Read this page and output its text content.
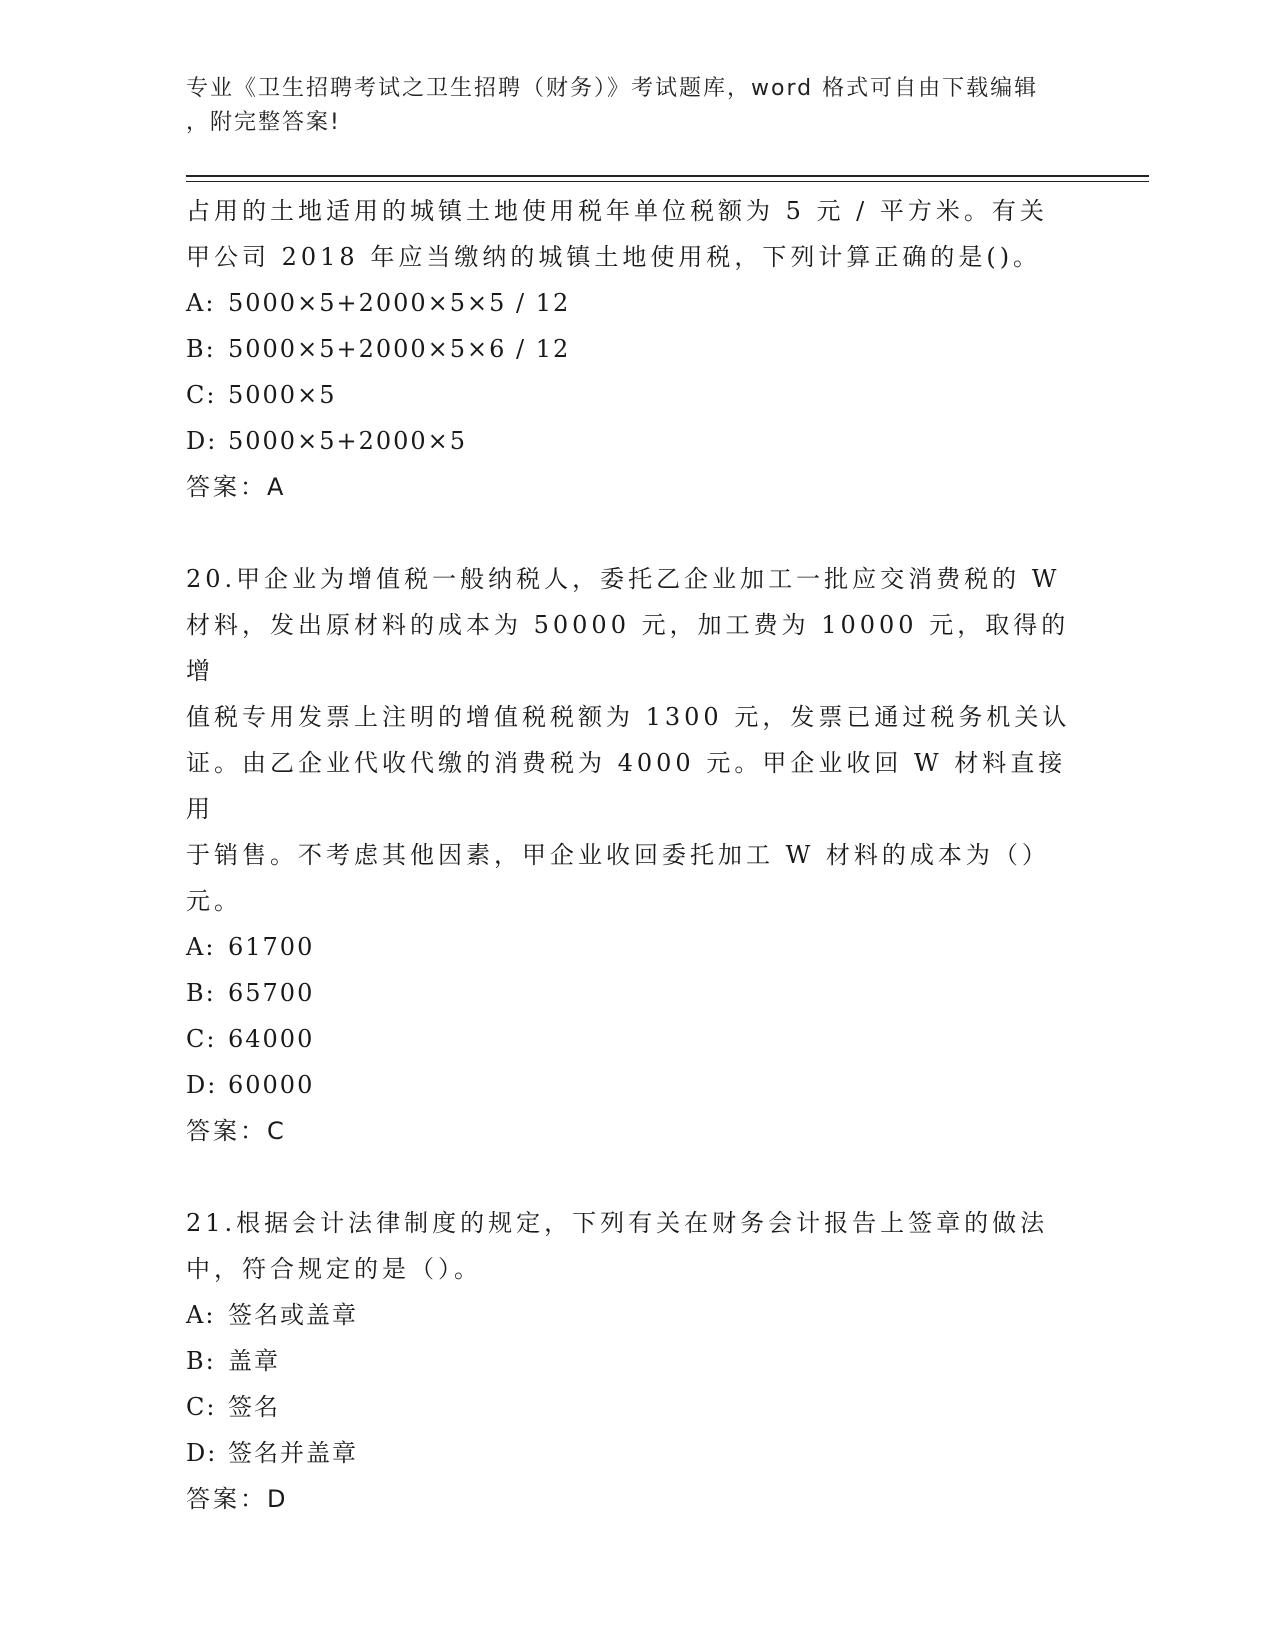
专业《卫生招聘考试之卫生招聘（财务）》考试题库，word 格式可自由下载编辑
，附完整答案!

占用的土地适用的城镇土地使用税年单位税额为 5 元 / 平方米。有关

甲公司 2018 年应当缴纳的城镇土地使用税，下列计算正确的是()。

A: 5000×5+2000×5×5 / 12

B: 5000×5+2000×5×6 / 12

C: 5000×5

D: 5000×5+2000×5

答案：A

20.甲企业为增值税一般纳税人，委托乙企业加工一批应交消费税的 W

材料，发出原材料的成本为 50000 元，加工费为 10000 元，取得的增

值税专用发票上注明的增值税税额为 1300 元，发票已通过税务机关认

证。由乙企业代收代缴的消费税为 4000 元。甲企业收回 W 材料直接用

于销售。不考虑其他因素，甲企业收回委托加工 W 材料的成本为（）

元。

A: 61700

B: 65700

C: 64000

D: 60000

答案：C

21.根据会计法律制度的规定，下列有关在财务会计报告上签章的做法

中，符合规定的是（）。

A: 签名或盖章

B: 盖章

C: 签名

D: 签名并盖章

答案：D
